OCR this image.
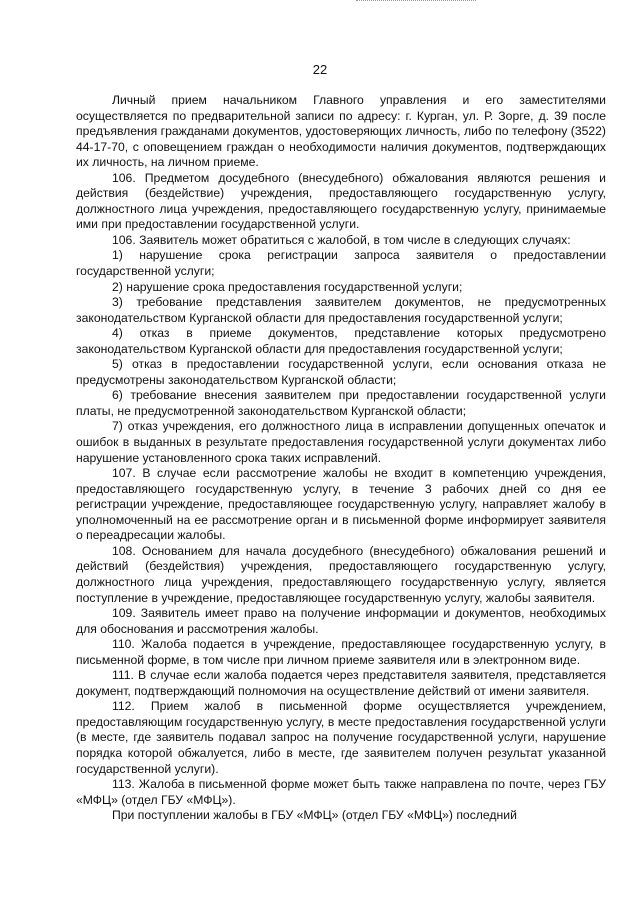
22

Личный прием начальником Главного управления и его заместителями осуществляется по предварительной записи по адресу: г. Курган, ул. Р. Зорге, д. 39 после предъявления гражданами документов, удостоверяющих личность, либо по телефону (3522) 44-17-70, с оповещением граждан о необходимости наличия документов, подтверждающих их личность, на личном приеме.

106. Предметом досудебного (внесудебного) обжалования являются решения и действия (бездействие) учреждения, предоставляющего государственную услугу, должностного лица учреждения, предоставляющего государственную услугу, принимаемые ими при предоставлении государственной услуги.

106. Заявитель может обратиться с жалобой, в том числе в следующих случаях:

1) нарушение срока регистрации запроса заявителя о предоставлении государственной услуги;

2) нарушение срока предоставления государственной услуги;

3) требование представления заявителем документов, не предусмотренных законодательством Курганской области для предоставления государственной услуги;

4) отказ в приеме документов, представление которых предусмотрено законодательством Курганской области для предоставления государственной услуги;

5) отказ в предоставлении государственной услуги, если основания отказа не предусмотрены законодательством Курганской области;

6) требование внесения заявителем при предоставлении государственной услуги платы, не предусмотренной законодательством Курганской области;

7) отказ учреждения, его должностного лица в исправлении допущенных опечаток и ошибок в выданных в результате предоставления государственной услуги документах либо нарушение установленного срока таких исправлений.

107. В случае если рассмотрение жалобы не входит в компетенцию учреждения, предоставляющего государственную услугу, в течение 3 рабочих дней со дня ее регистрации учреждение, предоставляющее государственную услугу, направляет жалобу в уполномоченный на ее рассмотрение орган и в письменной форме информирует заявителя о переадресации жалобы.

108. Основанием для начала досудебного (внесудебного) обжалования решений и действий (бездействия) учреждения, предоставляющего государственную услугу, должностного лица учреждения, предоставляющего государственную услугу, является поступление в учреждение, предоставляющее государственную услугу, жалобы заявителя.

109. Заявитель имеет право на получение информации и документов, необходимых для обоснования и рассмотрения жалобы.

110. Жалоба подается в учреждение, предоставляющее государственную услугу, в письменной форме, в том числе при личном приеме заявителя или в электронном виде.

111. В случае если жалоба подается через представителя заявителя, представляется документ, подтверждающий полномочия на осуществление действий от имени заявителя.

112. Прием жалоб в письменной форме осуществляется учреждением, предоставляющим государственную услугу, в месте предоставления государственной услуги (в месте, где заявитель подавал запрос на получение государственной услуги, нарушение порядка которой обжалуется, либо в месте, где заявителем получен результат указанной государственной услуги).

113. Жалоба в письменной форме может быть также направлена по почте, через ГБУ «МФЦ» (отдел ГБУ «МФЦ»).

При поступлении жалобы в ГБУ «МФЦ» (отдел ГБУ «МФЦ») последний
